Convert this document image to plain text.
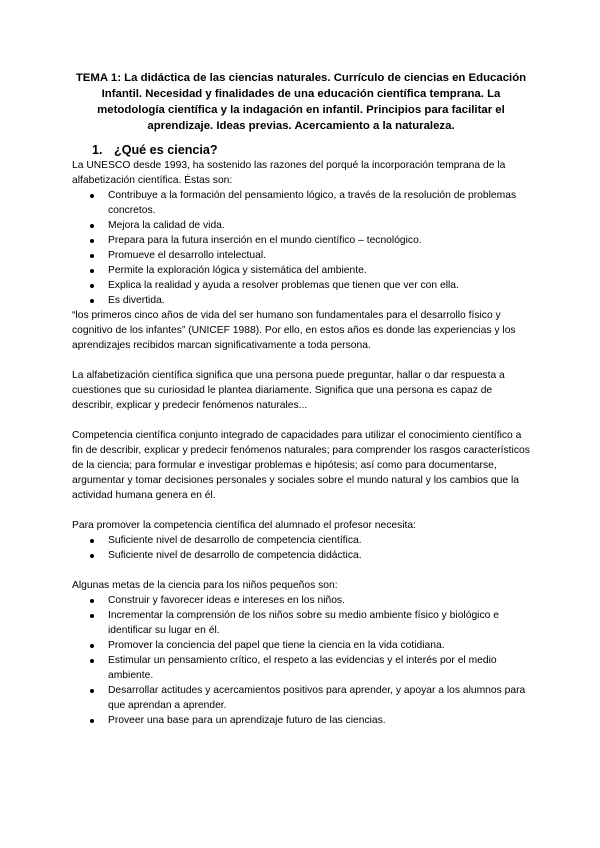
TEMA 1: La didáctica de las ciencias naturales. Currículo de ciencias en Educación Infantil. Necesidad y finalidades de una educación científica temprana. La metodología científica y la indagación en infantil. Principios para facilitar el aprendizaje. Ideas previas. Acercamiento a la naturaleza.
1. ¿Qué es ciencia?

La UNESCO desde 1993, ha sostenido las razones del porqué la incorporación temprana de la alfabetización científica. Éstas son:

Contribuye a la formación del pensamiento lógico, a través de la resolución de problemas concretos.
Mejora la calidad de vida.
Prepara para la futura inserción en el mundo científico – tecnológico.
Promueve el desarrollo intelectual.
Permite la exploración lógica y sistemática del ambiente.
Explica la realidad y ayuda a resolver problemas que tienen que ver con ella.
Es divertida.

“los primeros cinco años de vida del ser humano son fundamentales para el desarrollo físico y cognitivo de los infantes” (UNICEF 1988). Por ello, en estos años es donde las experiencias y los aprendizajes recibidos marcan significativamente a toda persona.

La alfabetización científica significa que una persona puede preguntar, hallar o dar respuesta a cuestiones que su curiosidad le plantea diariamente. Significa que una persona es capaz de describir, explicar y predecir fenómenos naturales...

Competencia científica conjunto integrado de capacidades para utilizar el conocimiento científico a fin de describir, explicar y predecir fenómenos naturales; para comprender los rasgos característicos de la ciencia; para formular e investigar problemas e hipótesis; así como para documentarse, argumentar y tomar decisiones personales y sociales sobre el mundo natural y los cambios que la actividad humana genera en él.

Para promover la competencia científica del alumnado el profesor necesita:

Suficiente nivel de desarrollo de competencia científica.
Suficiente nivel de desarrollo de competencia didáctica.

Algunas metas de la ciencia para los niños pequeños son:

Construir y favorecer ideas e intereses en los niños.
Incrementar la comprensión de los niños sobre su medio ambiente físico y biológico e identificar su lugar en él.
Promover la conciencia del papel que tiene la ciencia en la vida cotidiana.
Estimular un pensamiento crítico, el respeto a las evidencias y el interés por el medio ambiente.
Desarrollar actitudes y acercamientos positivos para aprender, y apoyar a los alumnos para que aprendan a aprender.
Proveer una base para un aprendizaje futuro de las ciencias.
